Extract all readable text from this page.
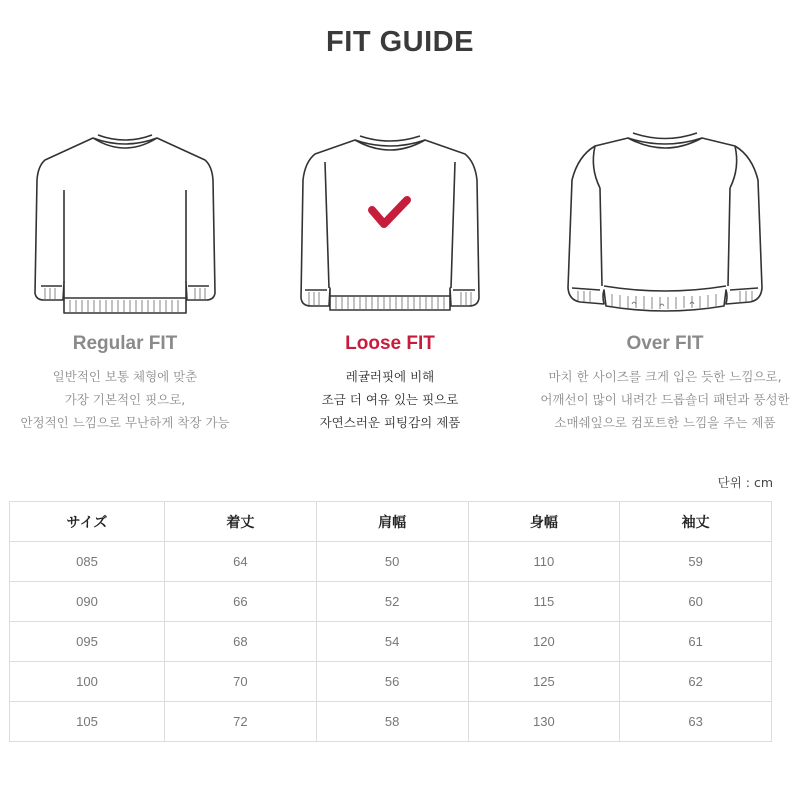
FIT GUIDE
Regular FIT
일반적인 보통 체형에 맞춘
가장 기본적인 핏으로,
안정적인 느낌으로 무난하게 착장 가능
Loose FIT
레귤러핏에 비해
조금 더 여유 있는 핏으로
자연스러운 피팅감의 제품
Over FIT
마치 한 사이즈를 크게 입은 듯한 느낌으로,
어깨선이 많이 내려간 드롭숄더 패턴과 풍성한
소매쉐잎으로 컴포트한 느낌을 주는 제품
단위 : cm
サイズ	着丈	肩幅	身幅	袖丈
085	64	50	110	59
090	66	52	115	60
095	68	54	120	61
100	70	56	125	62
105	72	58	130	63
